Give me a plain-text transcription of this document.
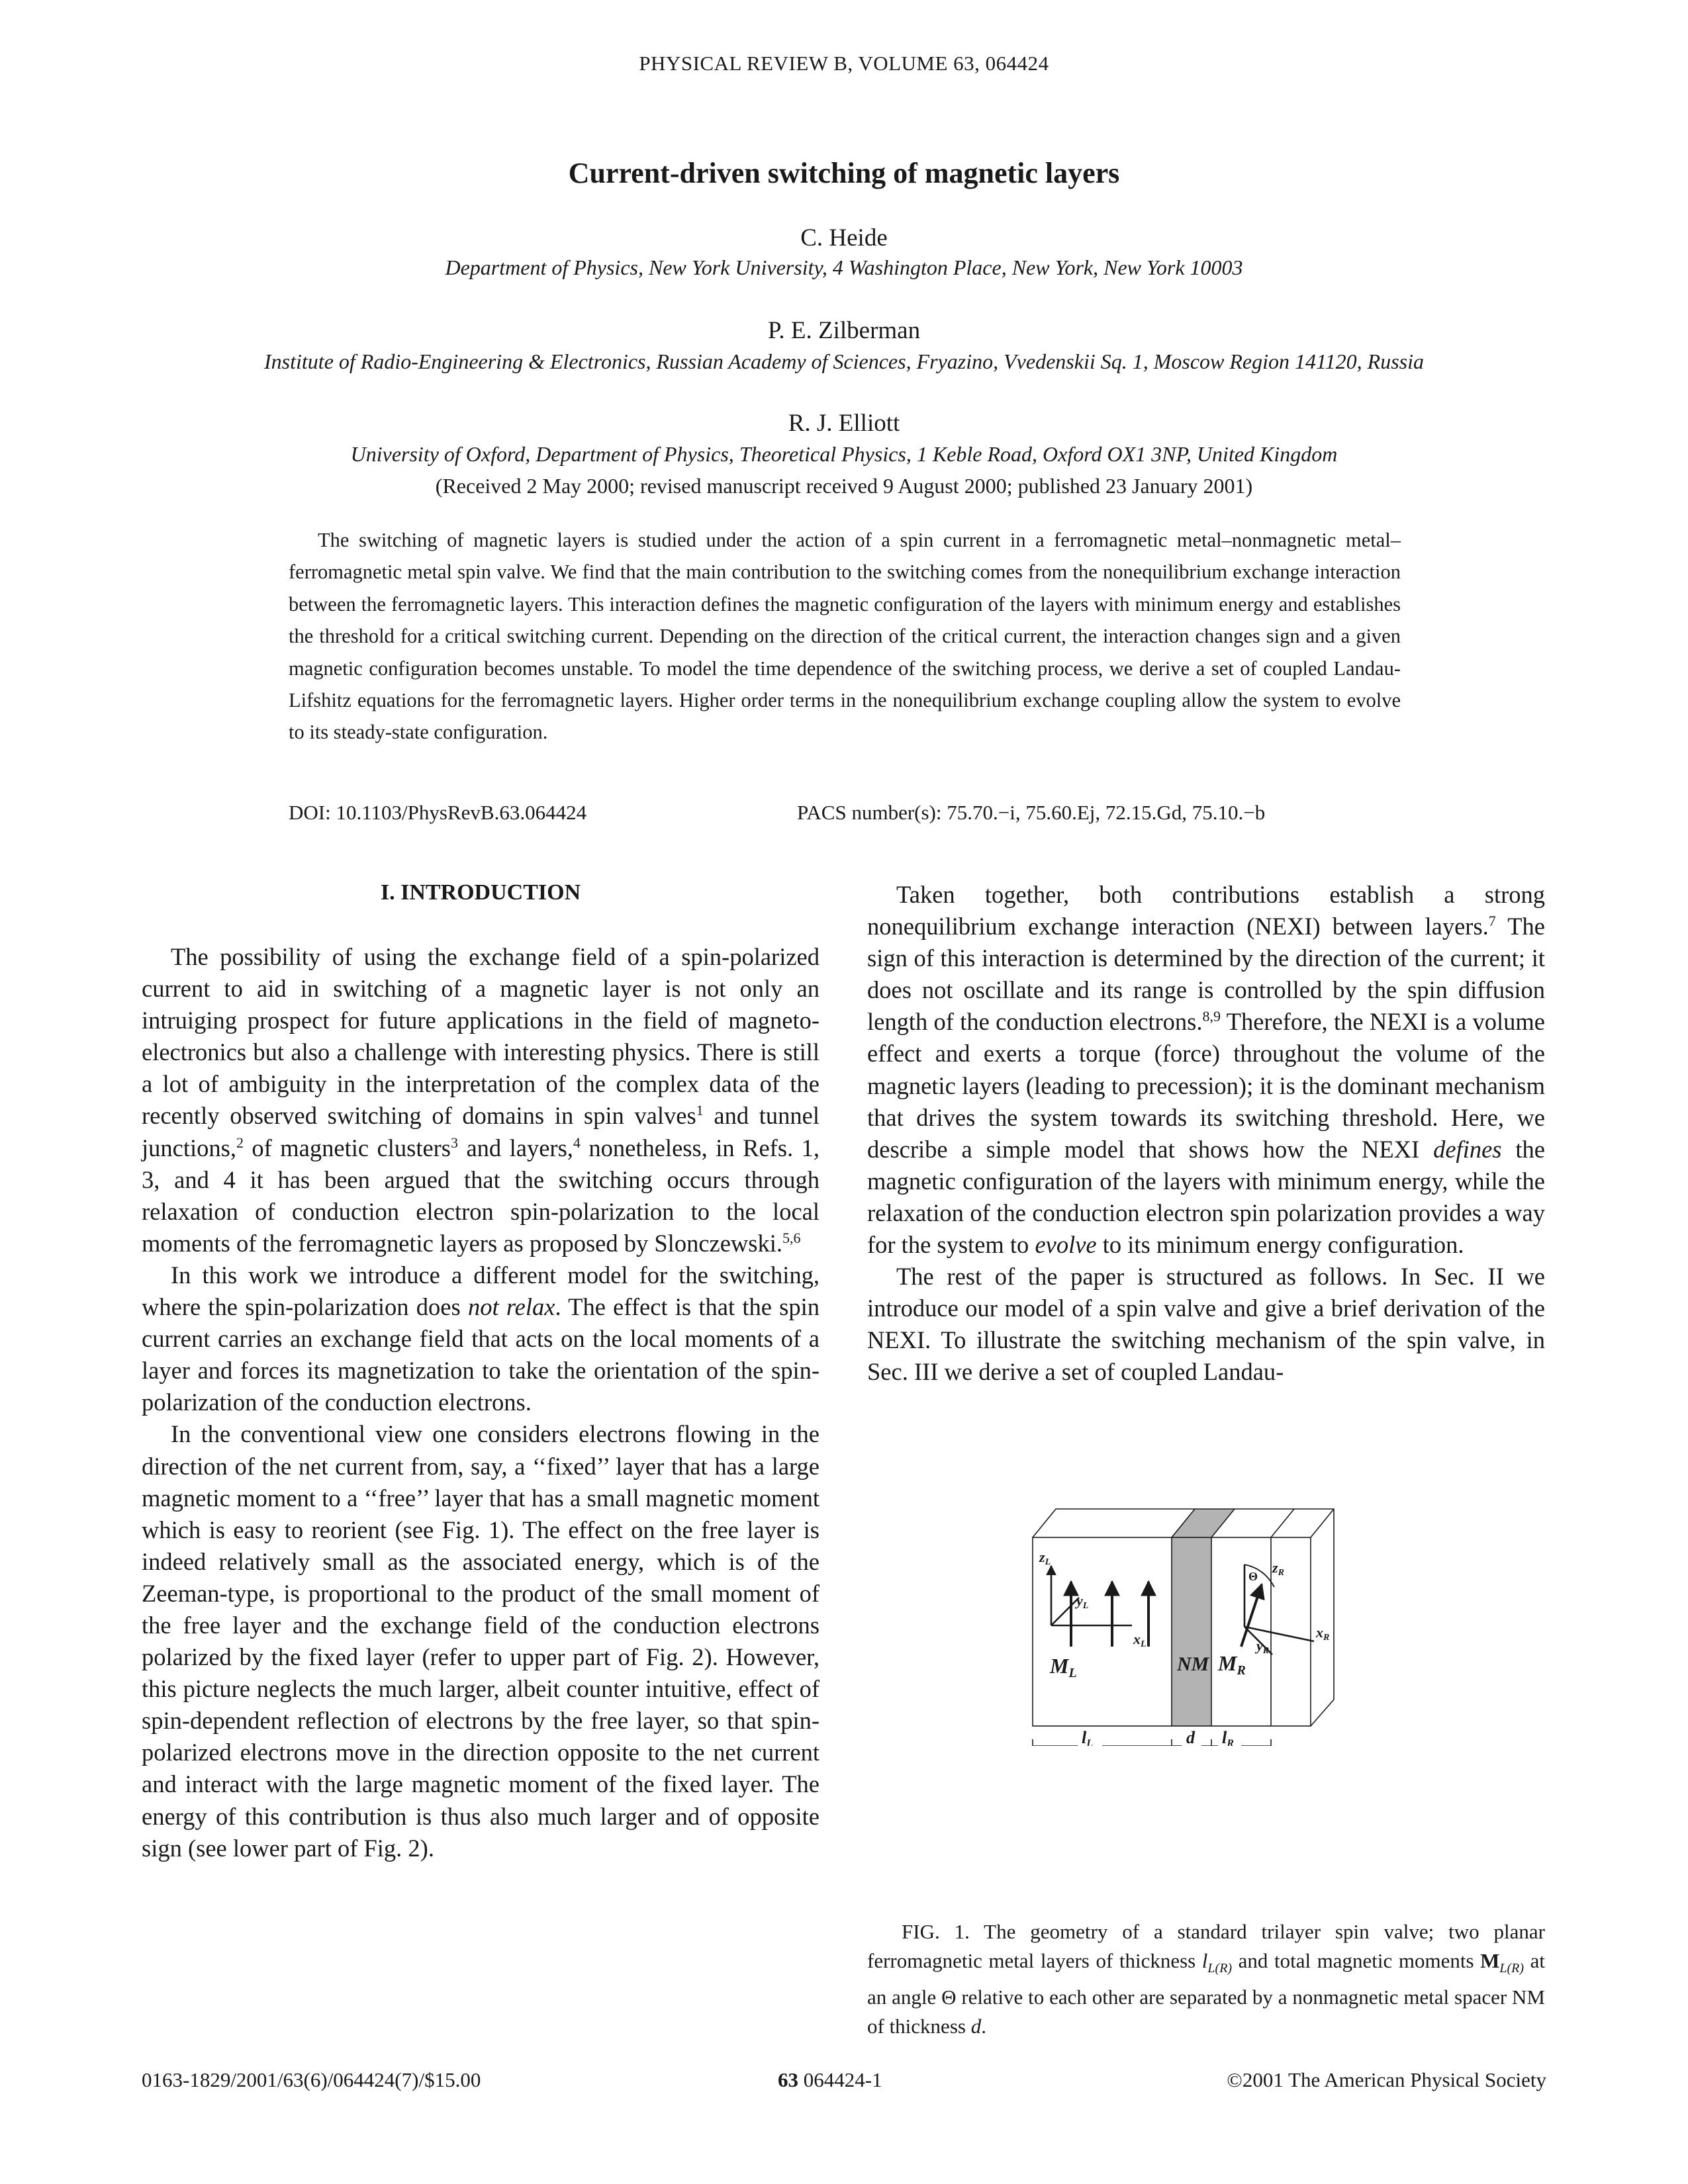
PHYSICAL REVIEW B, VOLUME 63, 064424
Current-driven switching of magnetic layers
C. Heide
Department of Physics, New York University, 4 Washington Place, New York, New York 10003
P. E. Zilberman
Institute of Radio-Engineering & Electronics, Russian Academy of Sciences, Fryazino, Vvedenskii Sq. 1, Moscow Region 141120, Russia
R. J. Elliott
University of Oxford, Department of Physics, Theoretical Physics, 1 Keble Road, Oxford OX1 3NP, United Kingdom
(Received 2 May 2000; revised manuscript received 9 August 2000; published 23 January 2001)

The switching of magnetic layers is studied under the action of a spin current in a ferromagnetic metal–nonmagnetic metal–ferromagnetic metal spin valve. We find that the main contribution to the switching comes from the nonequilibrium exchange interaction between the ferromagnetic layers. This interaction defines the magnetic configuration of the layers with minimum energy and establishes the threshold for a critical switching current. Depending on the direction of the critical current, the interaction changes sign and a given magnetic configuration becomes unstable. To model the time dependence of the switching process, we derive a set of coupled Landau-Lifshitz equations for the ferromagnetic layers. Higher order terms in the nonequilibrium exchange coupling allow the system to evolve to its steady-state configuration.

DOI: 10.1103/PhysRevB.63.064424	PACS number(s): 75.70.−i, 75.60.Ej, 72.15.Gd, 75.10.−b
I. INTRODUCTION

The possibility of using the exchange field of a spin-polarized current to aid in switching of a magnetic layer is not only an intruiging prospect for future applications in the field of magneto-electronics but also a challenge with interesting physics. There is still a lot of ambiguity in the interpretation of the complex data of the recently observed switching of domains in spin valves$^1$ and tunnel junctions,$^2$ of magnetic clusters$^3$ and layers,$^4$ nonetheless, in Refs. 1, 3, and 4 it has been argued that the switching occurs through relaxation of conduction electron spin-polarization to the local moments of the ferromagnetic layers as proposed by Slonczewski.$^{5,6}$

In this work we introduce a different model for the switching, where the spin-polarization does not relax. The effect is that the spin current carries an exchange field that acts on the local moments of a layer and forces its magnetization to take the orientation of the spin-polarization of the conduction electrons.

In the conventional view one considers electrons flowing in the direction of the net current from, say, a ‘‘fixed’’ layer that has a large magnetic moment to a ‘‘free’’ layer that has a small magnetic moment which is easy to reorient (see Fig. 1). The effect on the free layer is indeed relatively small as the associated energy, which is of the Zeeman-type, is proportional to the product of the small moment of the free layer and the exchange field of the conduction electrons polarized by the fixed layer (refer to upper part of Fig. 2). However, this picture neglects the much larger, albeit counter intuitive, effect of spin-dependent reflection of electrons by the free layer, so that spin-polarized electrons move in the direction opposite to the net current and interact with the large magnetic moment of the fixed layer. The energy of this contribution is thus also much larger and of opposite sign (see lower part of Fig. 2).

Taken together, both contributions establish a strong nonequilibrium exchange interaction (NEXI) between layers.$^7$ The sign of this interaction is determined by the direction of the current; it does not oscillate and its range is controlled by the spin diffusion length of the conduction electrons.$^{8,9}$ Therefore, the NEXI is a volume effect and exerts a torque (force) throughout the volume of the magnetic layers (leading to precession); it is the dominant mechanism that drives the system towards its switching threshold. Here, we describe a simple model that shows how the NEXI defines the magnetic configuration of the layers with minimum energy, while the relaxation of the conduction electron spin polarization provides a way for the system to evolve to its minimum energy configuration.

The rest of the paper is structured as follows. In Sec. II we introduce our model of a spin valve and give a brief derivation of the NEXI. To illustrate the switching mechanism of the spin valve, in Sec. III we derive a set of coupled Landau-

zL
yL
xL
ML	NM MR
zR
yR
xR
Θ
lL	d lR

FIG. 1. The geometry of a standard trilayer spin valve; two planar ferromagnetic metal layers of thickness $l_{L(R)}$ and total magnetic moments $M_{L(R)}$ at an angle Θ relative to each other are separated by a nonmagnetic metal spacer NM of thickness d.

0163-1829/2001/63(6)/064424(7)/$15.00	63 064424-1	©2001 The American Physical Society
